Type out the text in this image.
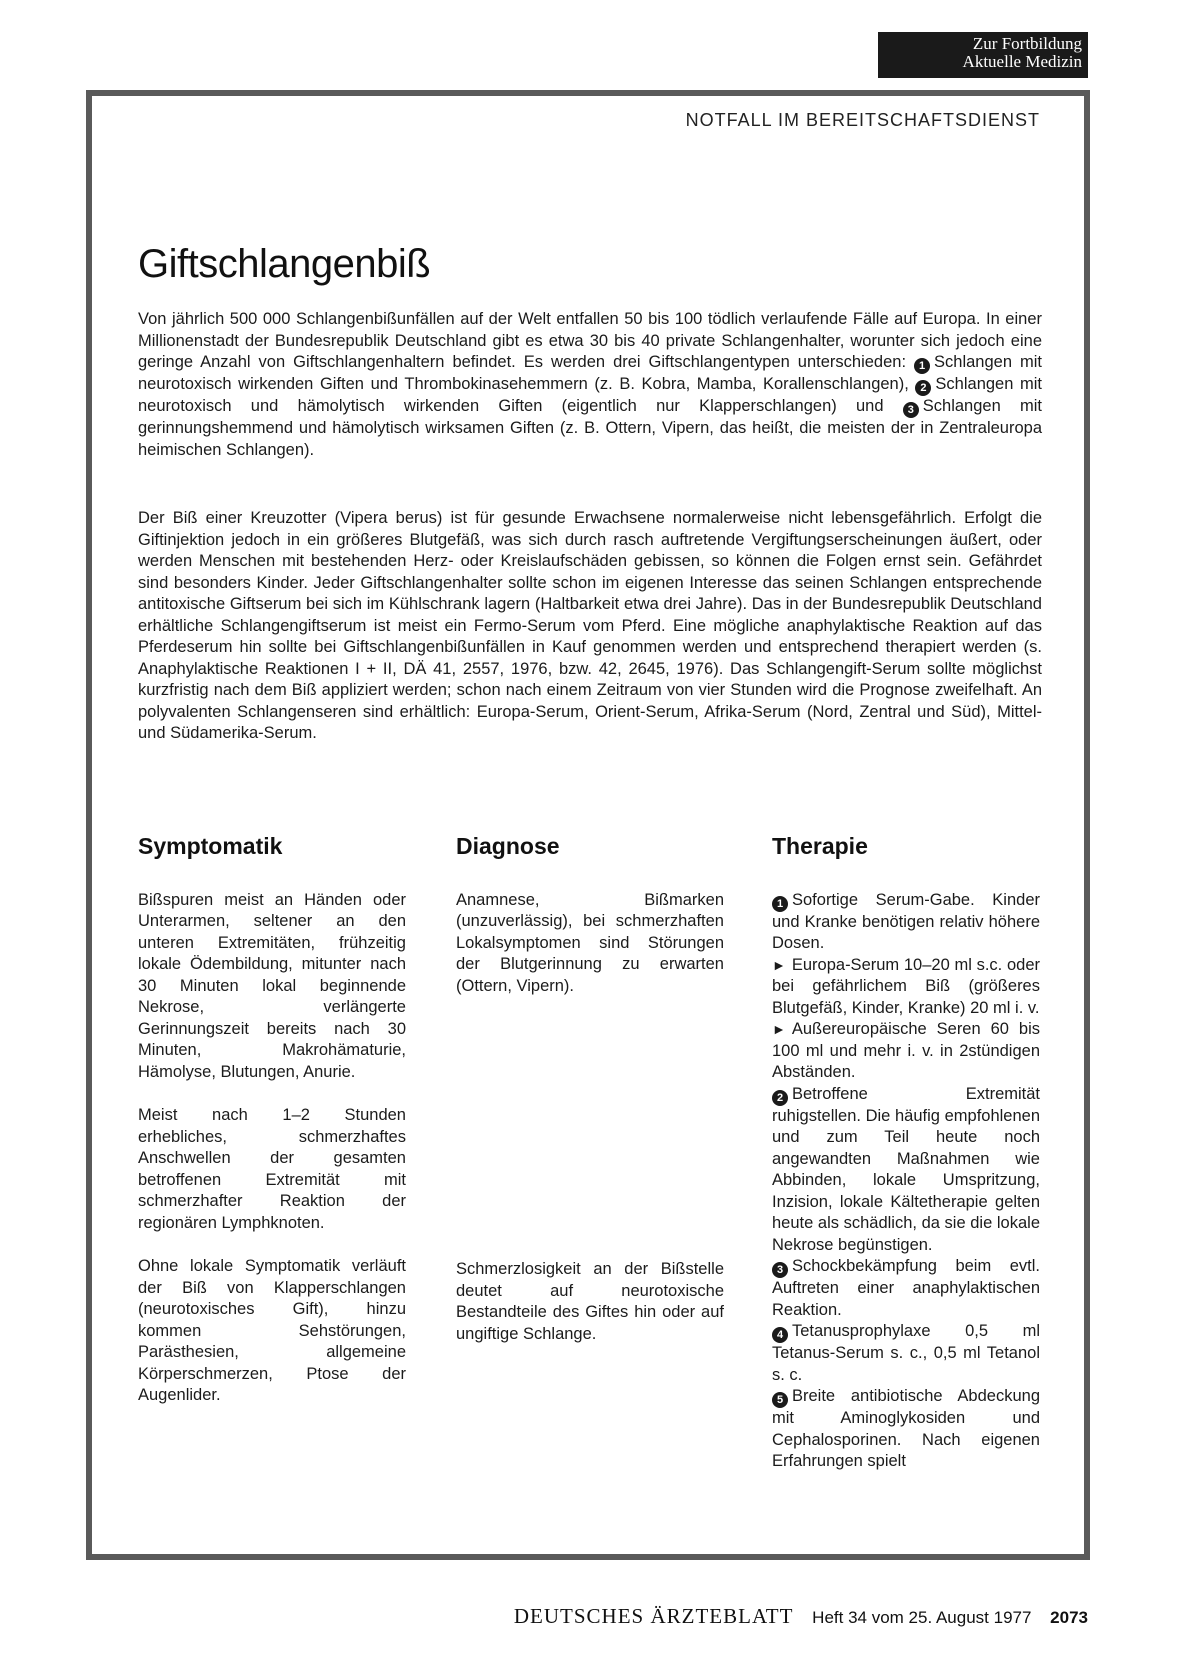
Zur Fortbildung
Aktuelle Medizin
NOTFALL IM BEREITSCHAFTSDIENST
Giftschlangenbiß

Von jährlich 500 000 Schlangenbißunfällen auf der Welt entfallen 50 bis 100 tödlich verlaufende Fälle auf Europa. In einer Millionenstadt der Bundesrepublik Deutschland gibt es etwa 30 bis 40 private Schlangenhalter, worunter sich jedoch eine geringe Anzahl von Giftschlangenhaltern befindet. Es werden drei Giftschlangentypen unterschieden: 1 Schlangen mit neurotoxisch wirkenden Giften und Thrombokinasehemmern (z. B. Kobra, Mamba, Korallenschlangen), 2 Schlangen mit neurotoxisch und hämolytisch wirkenden Giften (eigentlich nur Klapperschlangen) und 3 Schlangen mit gerinnungshemmend und hämolytisch wirksamen Giften (z. B. Ottern, Vipern, das heißt, die meisten der in Zentraleuropa heimischen Schlangen).

Der Biß einer Kreuzotter (Vipera berus) ist für gesunde Erwachsene normalerweise nicht lebensgefährlich. Erfolgt die Giftinjektion jedoch in ein größeres Blutgefäß, was sich durch rasch auftretende Vergiftungserscheinungen äußert, oder werden Menschen mit bestehenden Herz- oder Kreislaufschäden gebissen, so können die Folgen ernst sein. Gefährdet sind besonders Kinder. Jeder Giftschlangenhalter sollte schon im eigenen Interesse das seinen Schlangen entsprechende antitoxische Giftserum bei sich im Kühlschrank lagern (Haltbarkeit etwa drei Jahre). Das in der Bundesrepublik Deutschland erhältliche Schlangengiftserum ist meist ein Fermo-Serum vom Pferd. Eine mögliche anaphylaktische Reaktion auf das Pferdeserum hin sollte bei Giftschlangenbißunfällen in Kauf genommen werden und entsprechend therapiert werden (s. Anaphylaktische Reaktionen I + II, DÄ 41, 2557, 1976, bzw. 42, 2645, 1976). Das Schlangengift-Serum sollte möglichst kurzfristig nach dem Biß appliziert werden; schon nach einem Zeitraum von vier Stunden wird die Prognose zweifelhaft. An polyvalenten Schlangenseren sind erhältlich: Europa-Serum, Orient-Serum, Afrika-Serum (Nord, Zentral und Süd), Mittel- und Südamerika-Serum.

Symptomatik

Bißspuren meist an Händen oder Unterarmen, seltener an den unteren Extremitäten, frühzeitig lokale Ödembildung, mitunter nach 30 Minuten lokal beginnende Nekrose, verlängerte Gerinnungszeit bereits nach 30 Minuten, Makrohämaturie, Hämolyse, Blutungen, Anurie.

Meist nach 1–2 Stunden erhebliches, schmerzhaftes Anschwellen der gesamten betroffenen Extremität mit schmerzhafter Reaktion der regionären Lymphknoten.

Ohne lokale Symptomatik verläuft der Biß von Klapperschlangen (neurotoxisches Gift), hinzu kommen Sehstörungen, Parästhesien, allgemeine Körperschmerzen, Ptose der Augenlider.

Diagnose

Anamnese, Bißmarken (unzuverlässig), bei schmerzhaften Lokalsymptomen sind Störungen der Blutgerinnung zu erwarten (Ottern, Vipern).

Schmerzlosigkeit an der Bißstelle deutet auf neurotoxische Bestandteile des Giftes hin oder auf ungiftige Schlange.

Therapie

1 Sofortige Serum-Gabe. Kinder und Kranke benötigen relativ höhere Dosen.

► Europa-Serum 10–20 ml s.c. oder bei gefährlichem Biß (größeres Blutgefäß, Kinder, Kranke) 20 ml i. v.

► Außereuropäische Seren 60 bis 100 ml und mehr i. v. in 2stündigen Abständen.

2 Betroffene Extremität ruhigstellen. Die häufig empfohlenen und zum Teil heute noch angewandten Maßnahmen wie Abbinden, lokale Umspritzung, Inzision, lokale Kältetherapie gelten heute als schädlich, da sie die lokale Nekrose begünstigen.

3 Schockbekämpfung beim evtl. Auftreten einer anaphylaktischen Reaktion.

4 Tetanusprophylaxe 0,5 ml Tetanus-Serum s. c., 0,5 ml Tetanol s. c.

5 Breite antibiotische Abdeckung mit Aminoglykosiden und Cephalosporinen. Nach eigenen Erfahrungen spielt

DEUTSCHES ÄRZTEBLATT Heft 34 vom 25. August 1977 2073
